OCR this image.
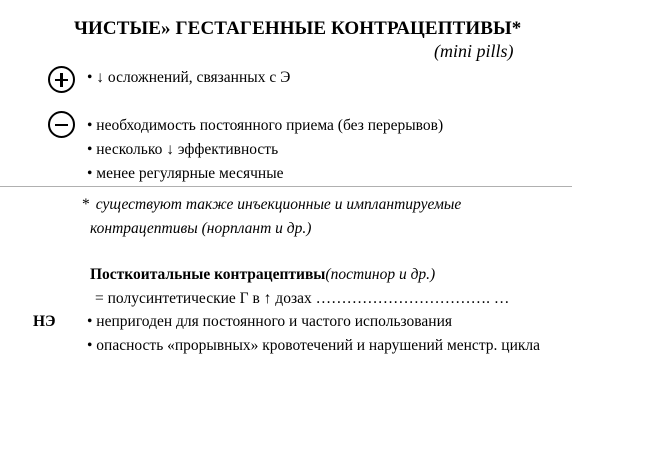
ЧИСТЫЕ» ГЕСТАГЕННЫЕ КОНТРАЦЕПТИВЫ*
(mini pills)
• ↓ осложнений, связанных с Э
• необходимость постоянного приема (без перерывов)
• несколько ↓ эффективность
• менее регулярные месячные
* существуют также инъекционные и имплантируемые
контрацептивы (норплант и др.)
Посткоитальные контрацептивы(постинор и др.)
= полусинтетические Г в ↑ дозах ……………………………. …
НЭ • непригоден для постоянного и частого использования
• опасность «прорывных» кровотечений и нарушений менстр. цикла
